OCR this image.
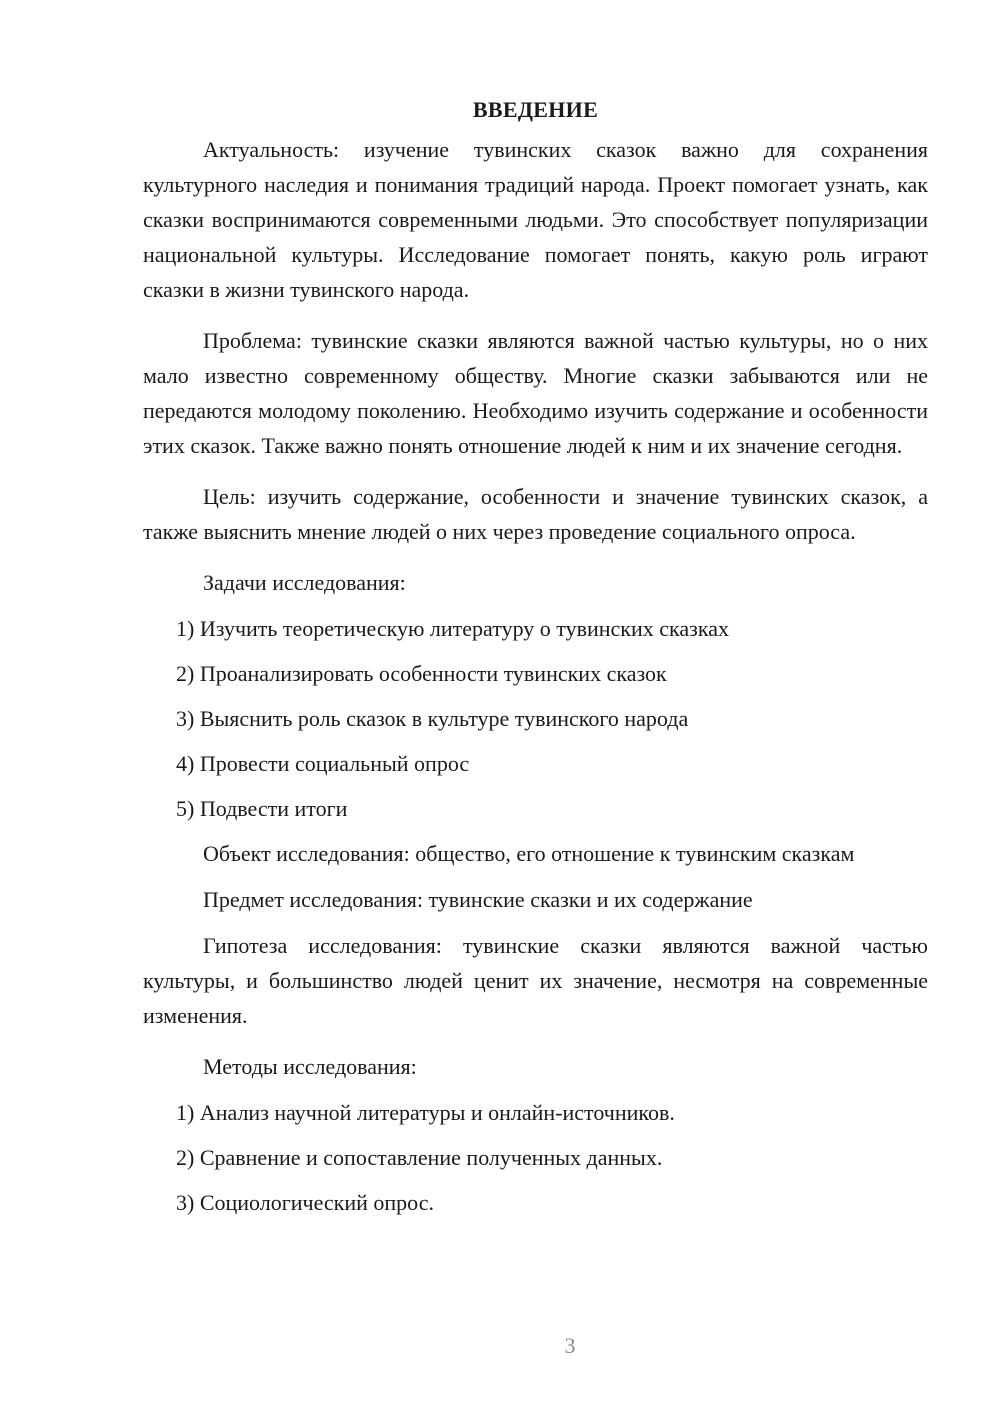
ВВЕДЕНИЕ

Актуальность: изучение тувинских сказок важно для сохранения культурного наследия и понимания традиций народа. Проект помогает узнать, как сказки воспринимаются современными людьми. Это способствует популяризации национальной культуры. Исследование помогает понять, какую роль играют сказки в жизни тувинского народа.

Проблема: тувинские сказки являются важной частью культуры, но о них мало известно современному обществу. Многие сказки забываются или не передаются молодому поколению. Необходимо изучить содержание и особенности этих сказок. Также важно понять отношение людей к ним и их значение сегодня.

Цель: изучить содержание, особенности и значение тувинских сказок, а также выяснить мнение людей о них через проведение социального опроса.

Задачи исследования:
1) Изучить теоретическую литературу о тувинских сказках
2) Проанализировать особенности тувинских сказок
3) Выяснить роль сказок в культуре тувинского народа
4) Провести социальный опрос
5) Подвести итоги

Объект исследования: общество, его отношение к тувинским сказкам

Предмет исследования: тувинские сказки и их содержание

Гипотеза исследования: тувинские сказки являются важной частью культуры, и большинство людей ценит их значение, несмотря на современные изменения.

Методы исследования:
1) Анализ научной литературы и онлайн-источников.
2) Сравнение и сопоставление полученных данных.
3) Социологический опрос.
3
